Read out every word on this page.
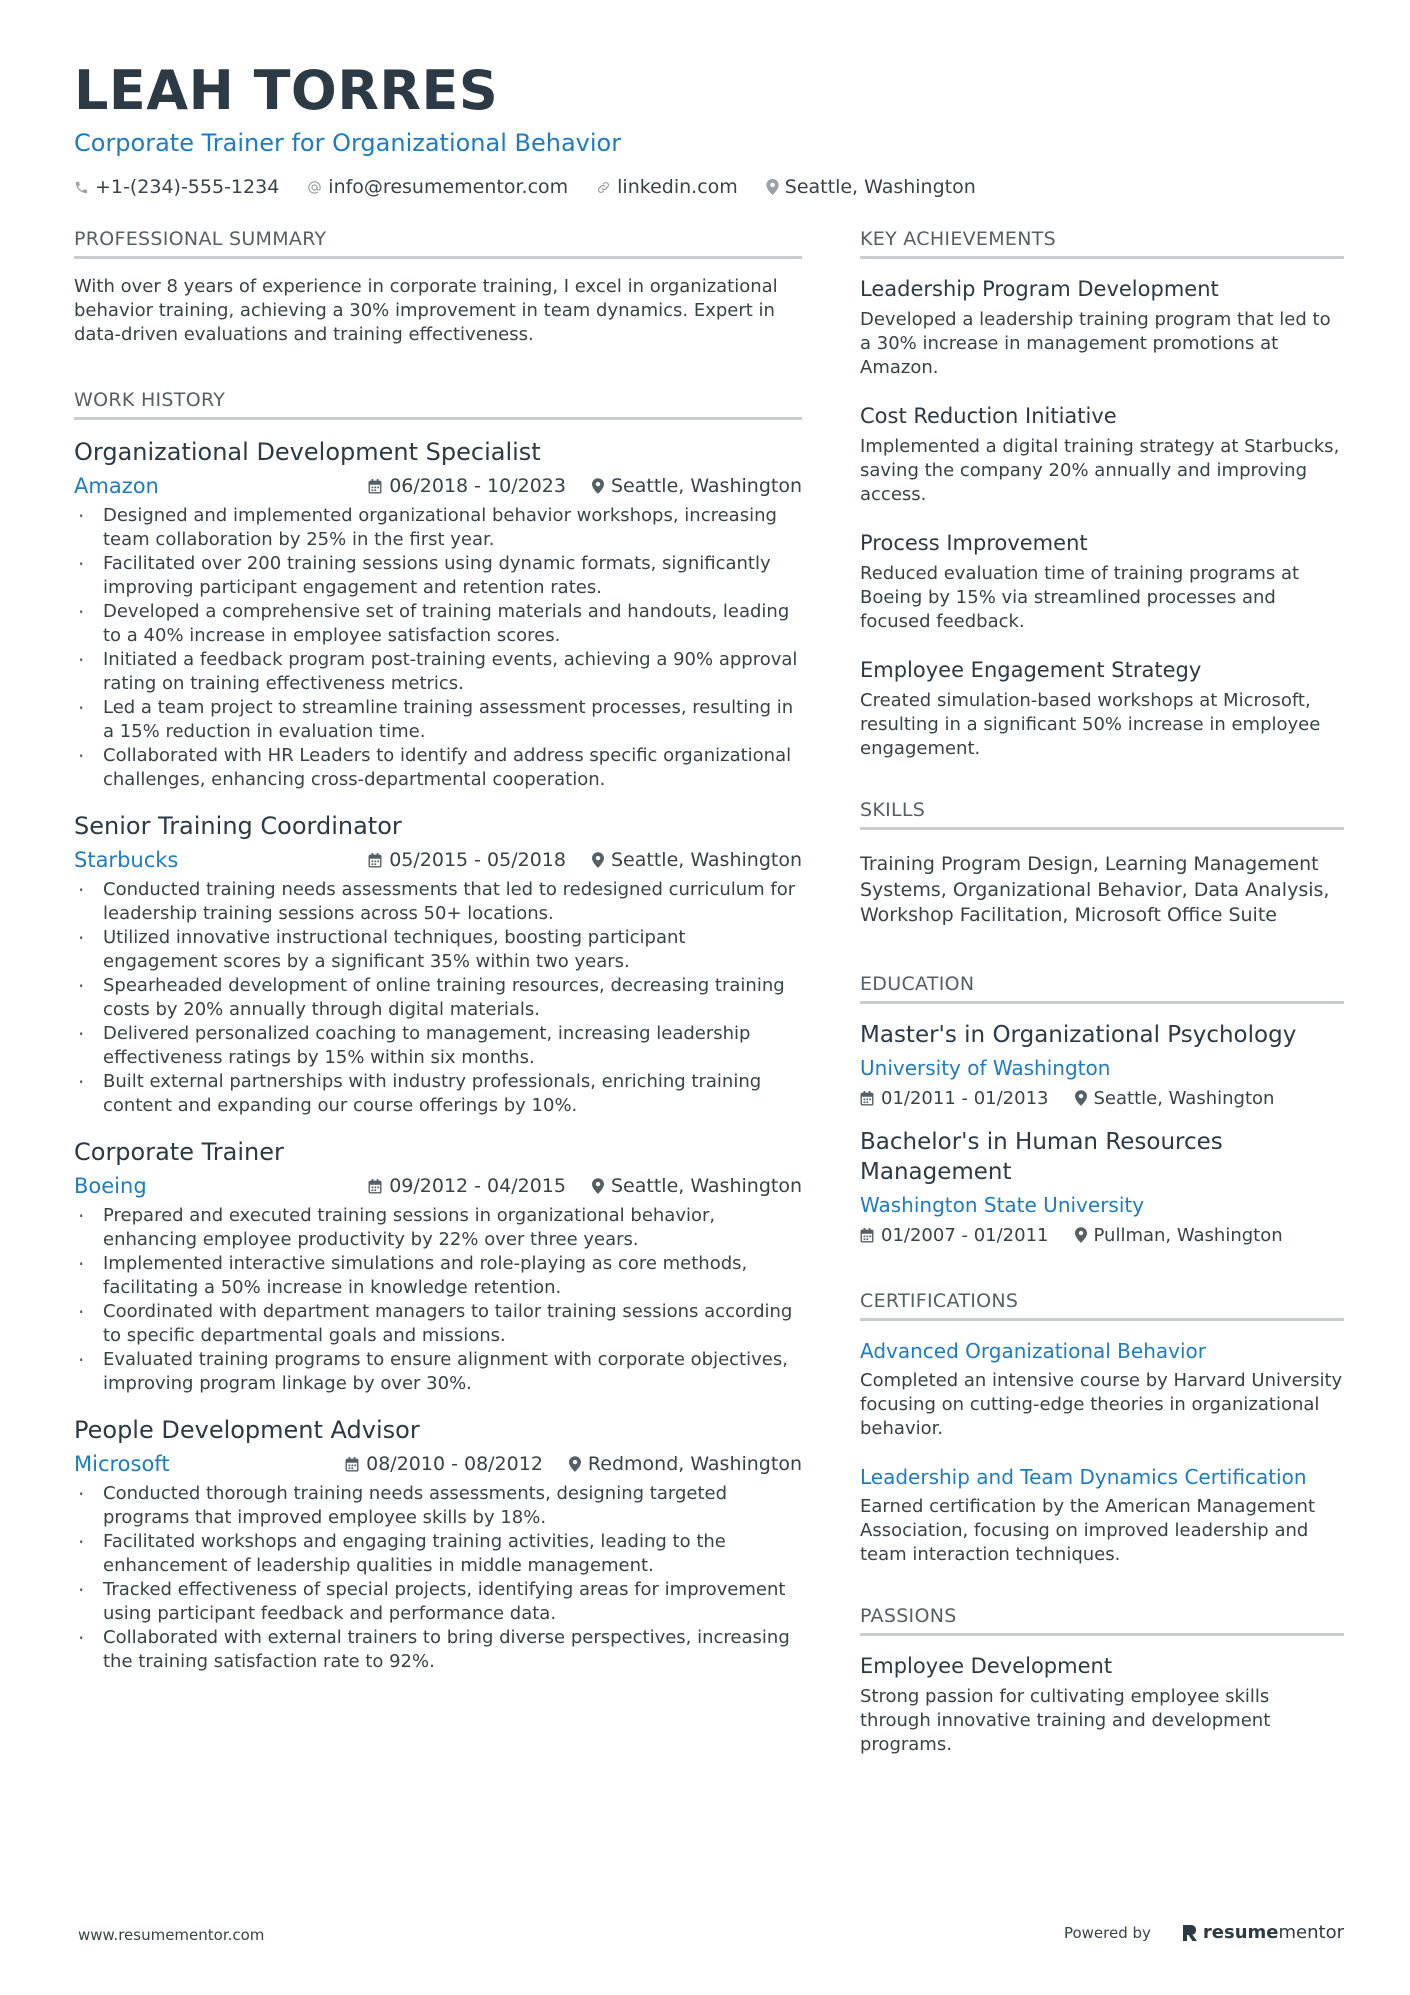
LEAH TORRES
Corporate Trainer for Organizational Behavior
+1-(234)-555-1234	info@resumementor.com	linkedin.com Seattle, Washington
PROFESSIONAL SUMMARY
With over 8 years of experience in corporate training, I excel in organizational behavior training, achieving a 30% improvement in team dynamics. Expert in data-driven evaluations and training effectiveness.
WORK HISTORY
Organizational Development Specialist
Amazon	06/2018 - 10/2023 Seattle, Washington
· Designed and implemented organizational behavior workshops, increasing team collaboration by 25% in the first year.
· Facilitated over 200 training sessions using dynamic formats, significantly improving participant engagement and retention rates.
· Developed a comprehensive set of training materials and handouts, leading to a 40% increase in employee satisfaction scores.
· Initiated a feedback program post-training events, achieving a 90% approval rating on training effectiveness metrics.
· Led a team project to streamline training assessment processes, resulting in a 15% reduction in evaluation time.
· Collaborated with HR Leaders to identify and address specific organizational challenges, enhancing cross-departmental cooperation.
Senior Training Coordinator
Starbucks	05/2015 - 05/2018 Seattle, Washington
· Conducted training needs assessments that led to redesigned curriculum for leadership training sessions across 50+ locations.
· Utilized innovative instructional techniques, boosting participant engagement scores by a significant 35% within two years.
· Spearheaded development of online training resources, decreasing training costs by 20% annually through digital materials.
· Delivered personalized coaching to management, increasing leadership effectiveness ratings by 15% within six months.
· Built external partnerships with industry professionals, enriching training content and expanding our course offerings by 10%.
Corporate Trainer
Boeing	09/2012 - 04/2015 Seattle, Washington
· Prepared and executed training sessions in organizational behavior, enhancing employee productivity by 22% over three years.
· Implemented interactive simulations and role-playing as core methods, facilitating a 50% increase in knowledge retention.
· Coordinated with department managers to tailor training sessions according to specific departmental goals and missions.
· Evaluated training programs to ensure alignment with corporate objectives, improving program linkage by over 30%.
People Development Advisor
Microsoft	08/2010 - 08/2012 Redmond, Washington
· Conducted thorough training needs assessments, designing targeted programs that improved employee skills by 18%.
· Facilitated workshops and engaging training activities, leading to the enhancement of leadership qualities in middle management.
· Tracked effectiveness of special projects, identifying areas for improvement using participant feedback and performance data.
· Collaborated with external trainers to bring diverse perspectives, increasing the training satisfaction rate to 92%.
KEY ACHIEVEMENTS
Leadership Program Development
Developed a leadership training program that led to a 30% increase in management promotions at Amazon.
Cost Reduction Initiative
Implemented a digital training strategy at Starbucks, saving the company 20% annually and improving access.
Process Improvement
Reduced evaluation time of training programs at Boeing by 15% via streamlined processes and focused feedback.
Employee Engagement Strategy
Created simulation-based workshops at Microsoft, resulting in a significant 50% increase in employee engagement.
SKILLS
Training Program Design, Learning Management Systems, Organizational Behavior, Data Analysis, Workshop Facilitation, Microsoft Office Suite
EDUCATION
Master's in Organizational Psychology
University of Washington
01/2011 - 01/2013	Seattle, Washington
Bachelor's in Human Resources Management
Washington State University
01/2007 - 01/2011	Pullman, Washington
CERTIFICATIONS
Advanced Organizational Behavior
Completed an intensive course by Harvard University focusing on cutting-edge theories in organizational behavior.
Leadership and Team Dynamics Certification
Earned certification by the American Management Association, focusing on improved leadership and team interaction techniques.
PASSIONS
Employee Development
Strong passion for cultivating employee skills through innovative training and development programs.
www.resumementor.com	Powered by	resume mentor
